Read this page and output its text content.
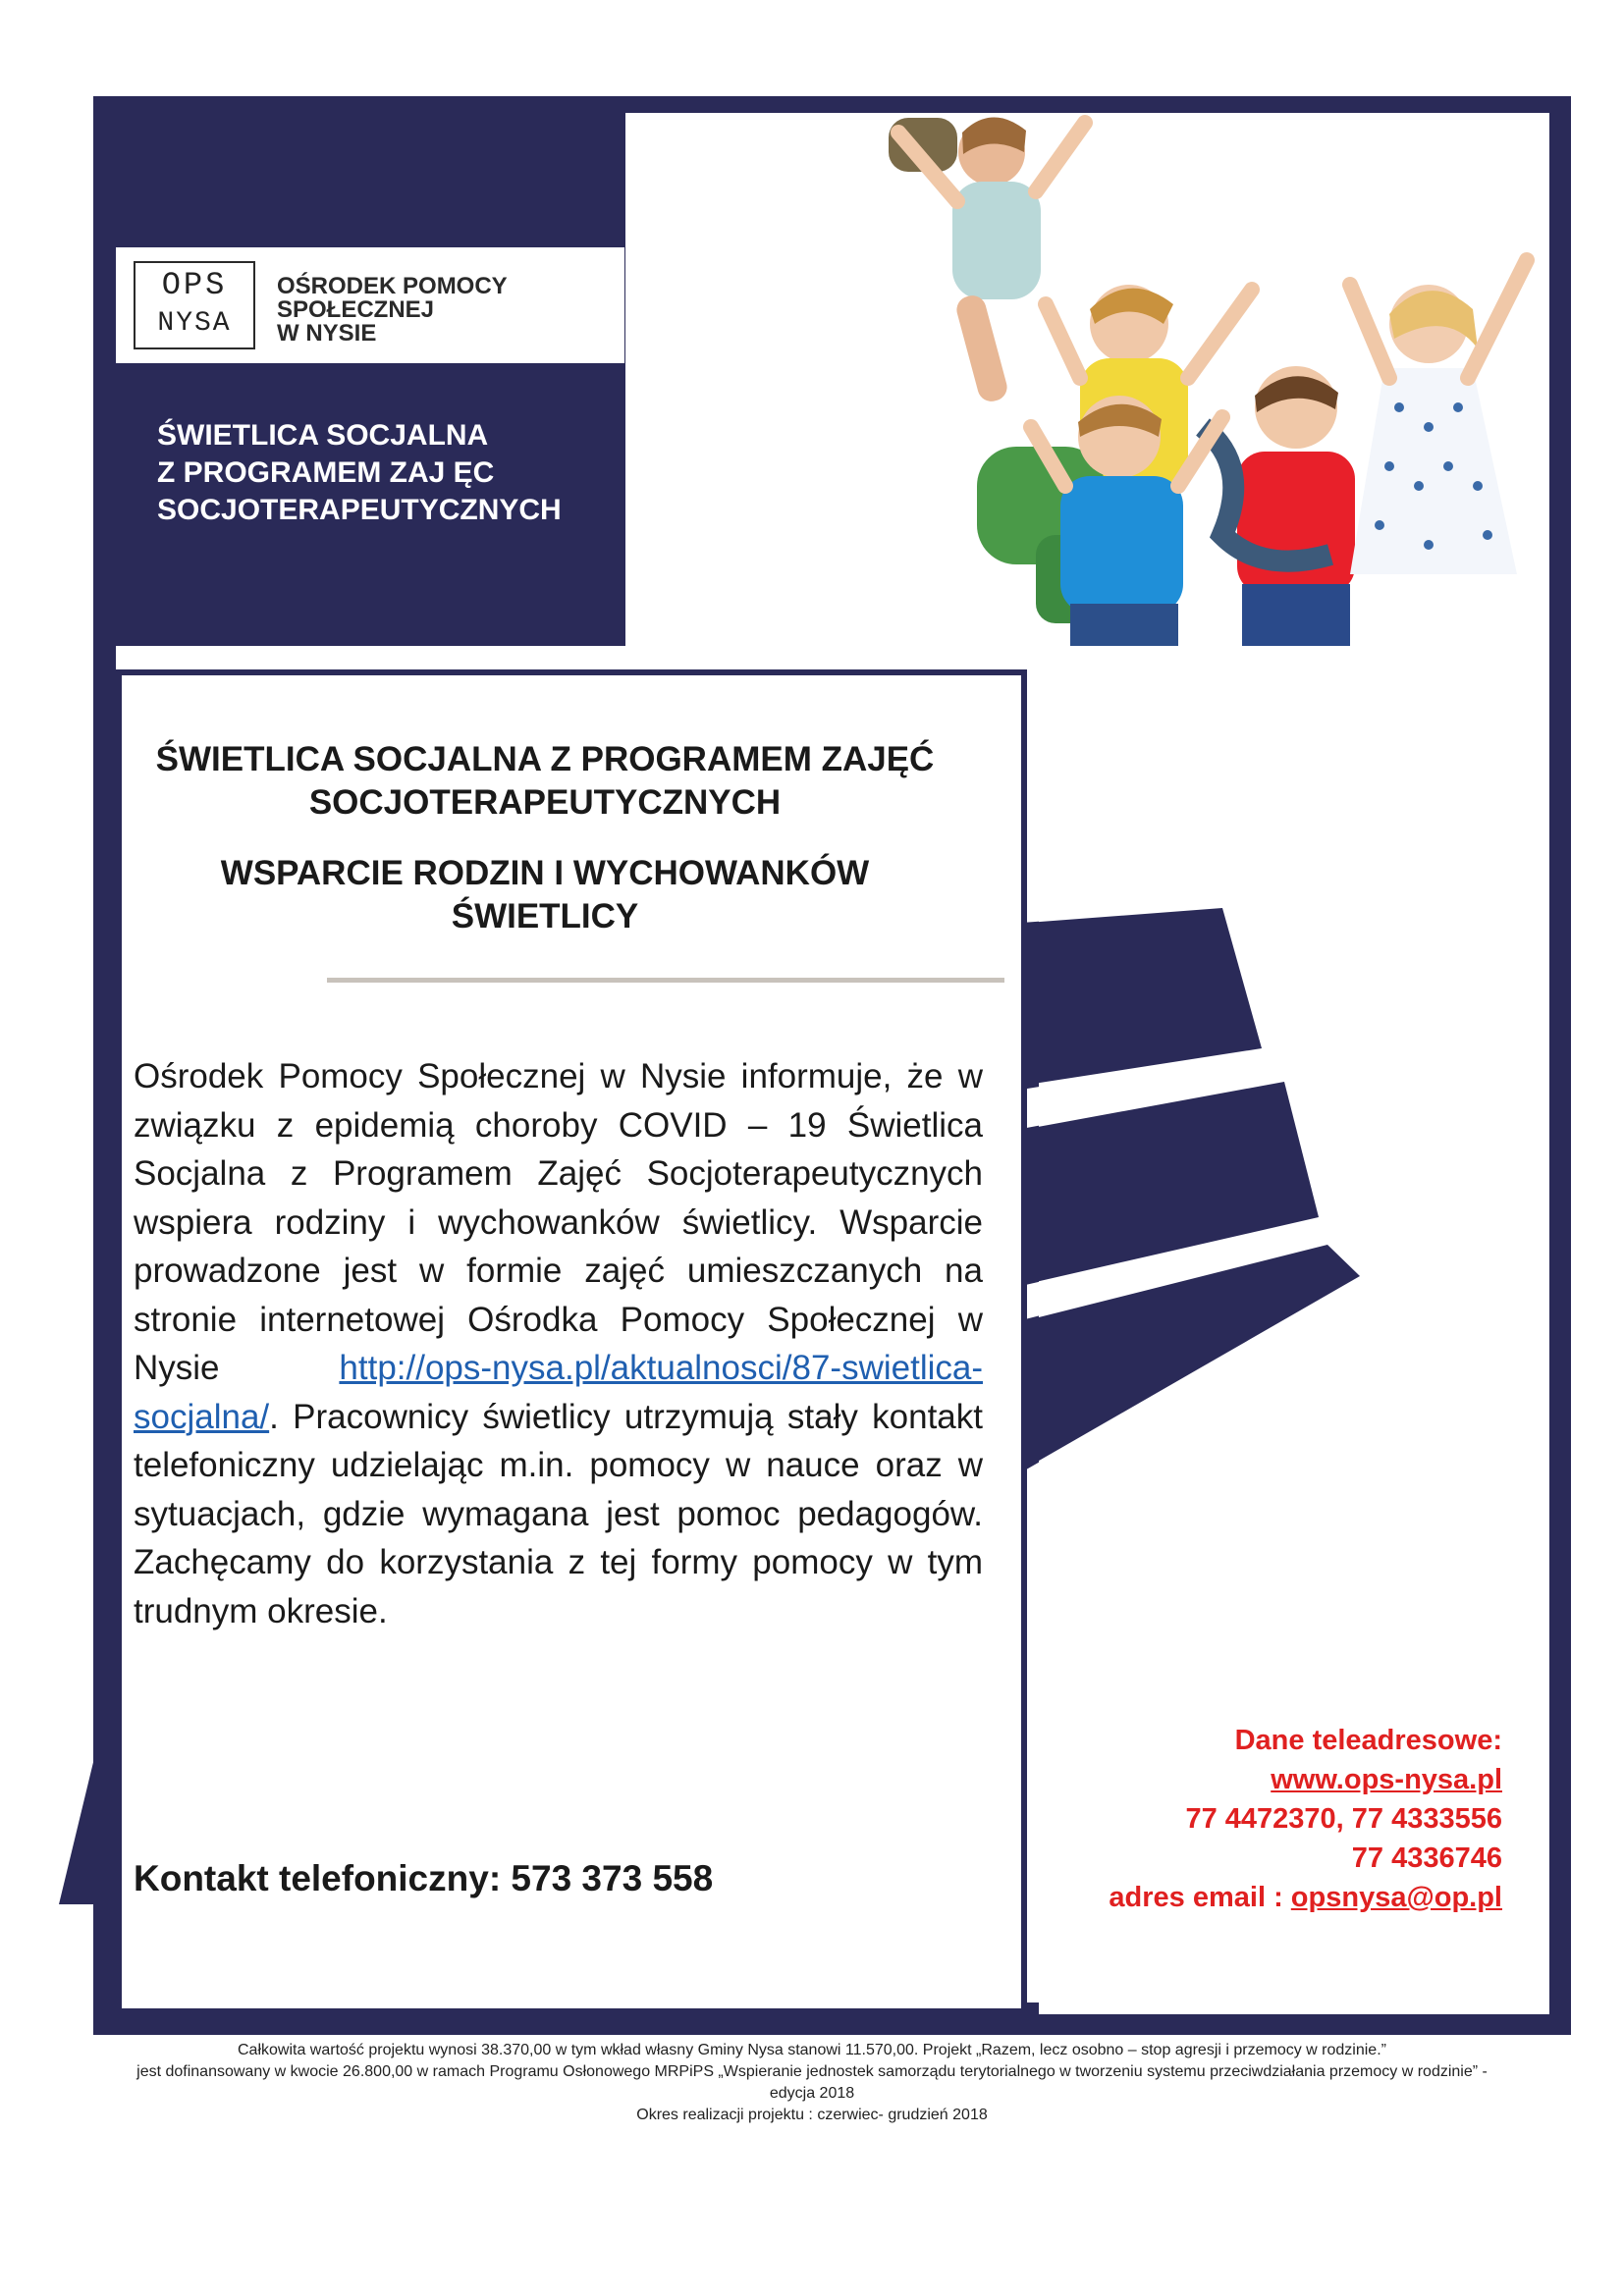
OPS
NYSA
OŚRODEK POMOCY
SPOŁECZNEJ
W NYSIE
ŚWIETLICA SOCJALNA
Z PROGRAMEM ZAJ ĘC
SOCJOTERAPEUTYCZNYCH
ŚWIETLICA SOCJALNA Z PROGRAMEM ZAJĘĆ
SOCJOTERAPEUTYCZNYCH
WSPARCIE RODZIN I WYCHOWANKÓW
ŚWIETLICY
Ośrodek Pomocy Społecznej w Nysie informuje, że w związku z epidemią choroby COVID – 19 Świetlica Socjalna z Programem Zajęć Socjoterapeutycznych wspiera rodziny i wychowanków świetlicy. Wsparcie prowadzone jest w formie zajęć umieszczanych na stronie internetowej Ośrodka Pomocy Społecznej w Nysie http://ops-nysa.pl/aktualnosci/87-swietlica-socjalna/. Pracownicy świetlicy utrzymują stały kontakt telefoniczny udzielając m.in. pomocy w nauce oraz w sytuacjach, gdzie wymagana jest pomoc pedagogów. Zachęcamy do korzystania z tej formy pomocy w tym trudnym okresie.
Kontakt telefoniczny: 573 373 558
Dane teleadresowe:
www.ops-nysa.pl
77 4472370, 77 4333556
77 4336746
adres email : opsnysa@op.pl
Całkowita wartość projektu wynosi 38.370,00 w tym wkład własny Gminy Nysa stanowi 11.570,00. Projekt „Razem, lecz osobno – stop agresji i przemocy w rodzinie.”
jest dofinansowany w kwocie 26.800,00 w ramach Programu Osłonowego MRPiPS „Wspieranie jednostek samorządu terytorialnego w tworzeniu systemu przeciwdziałania przemocy w rodzinie” -
edycja 2018
Okres realizacji projektu : czerwiec- grudzień 2018
